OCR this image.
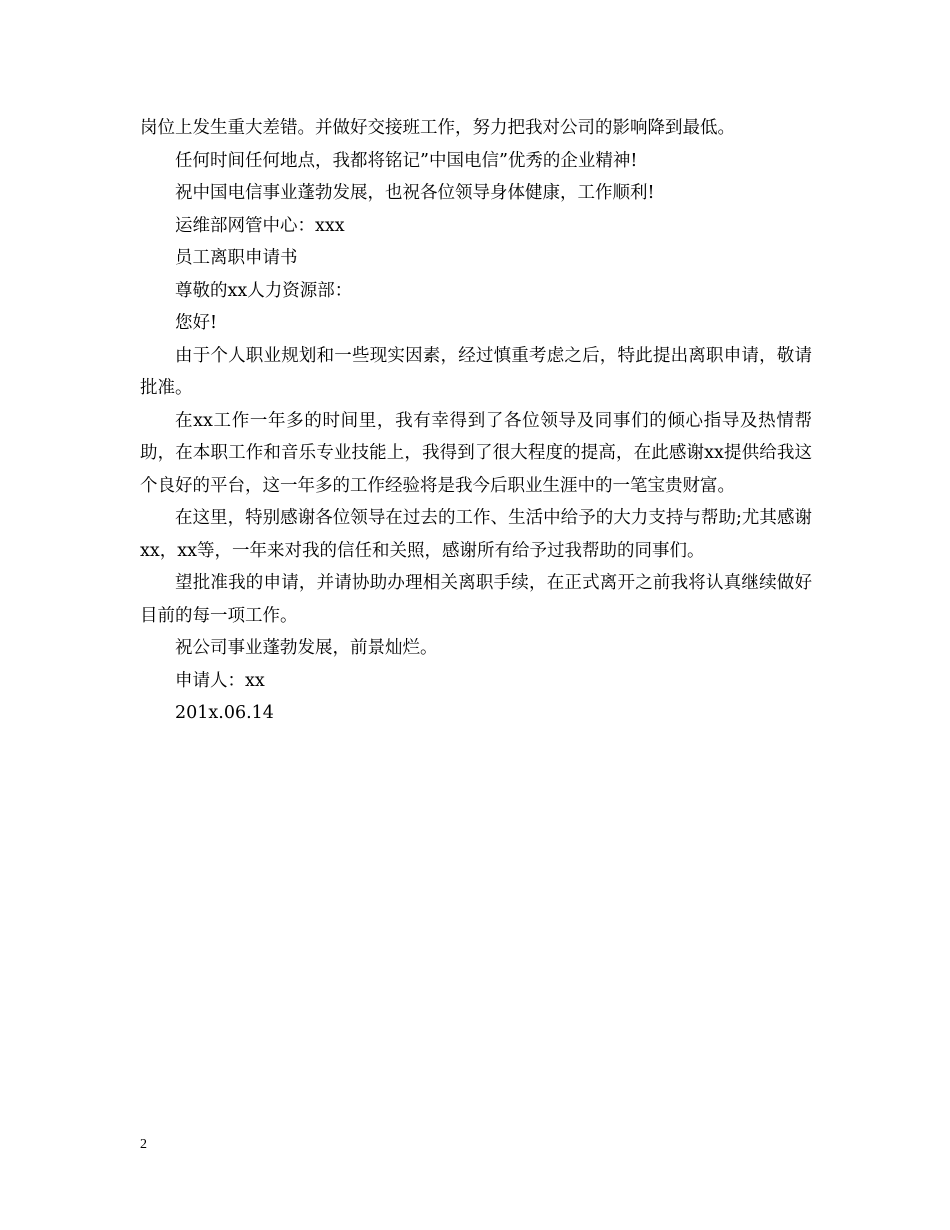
岗位上发生重大差错。并做好交接班工作，努力把我对公司的影响降到最低。

任何时间任何地点，我都将铭记”中国电信”优秀的企业精神!

祝中国电信事业蓬勃发展，也祝各位领导身体健康，工作顺利!

运维部网管中心：xxx

员工离职申请书

尊敬的xx人力资源部：

您好!

由于个人职业规划和一些现实因素，经过慎重考虑之后，特此提出离职申请，敬请批准。

在xx工作一年多的时间里，我有幸得到了各位领导及同事们的倾心指导及热情帮助，在本职工作和音乐专业技能上，我得到了很大程度的提高，在此感谢xx提供给我这个良好的平台，这一年多的工作经验将是我今后职业生涯中的一笔宝贵财富。

在这里，特别感谢各位领导在过去的工作、生活中给予的大力支持与帮助;尤其感谢xx，xx等，一年来对我的信任和关照，感谢所有给予过我帮助的同事们。

望批准我的申请，并请协助办理相关离职手续，在正式离开之前我将认真继续做好目前的每一项工作。

祝公司事业蓬勃发展，前景灿烂。

申请人：xx

201x.06.14

2
